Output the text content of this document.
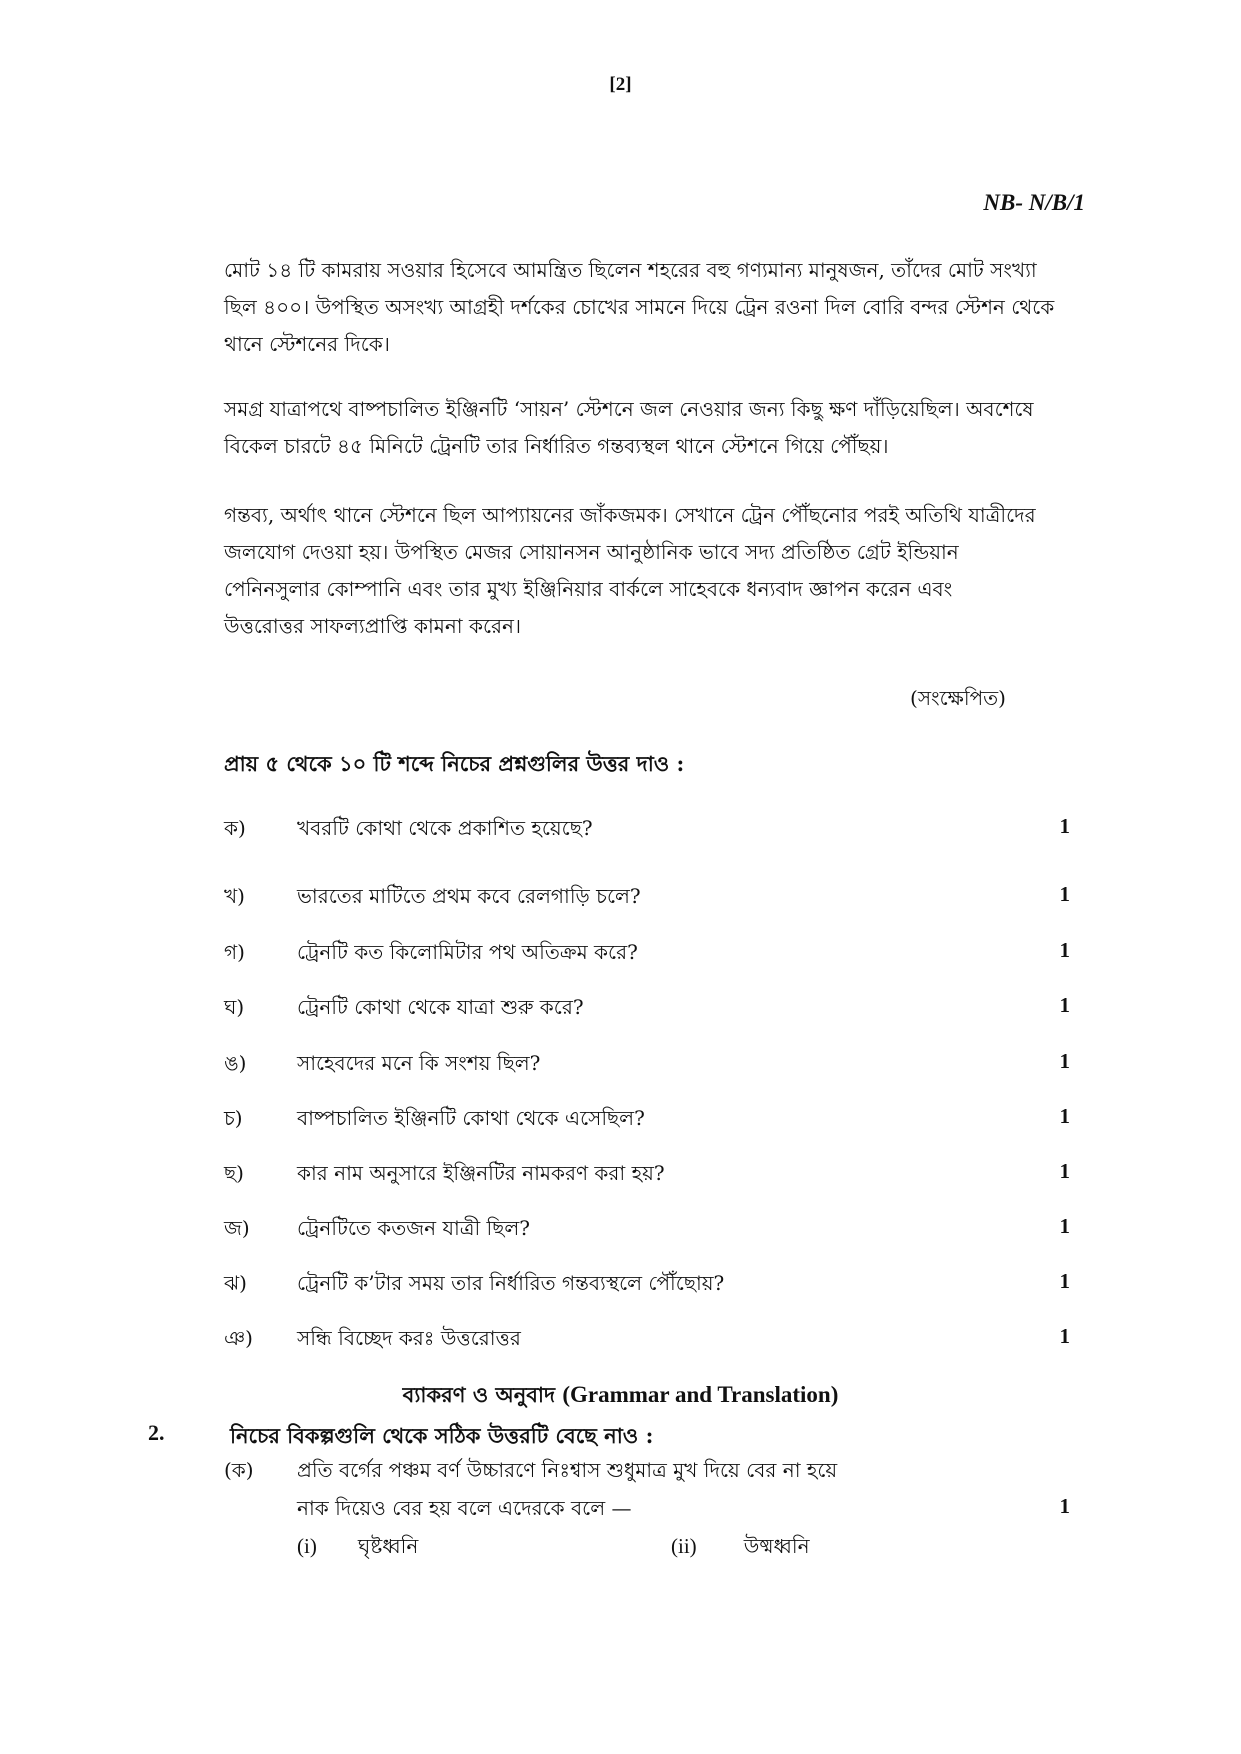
[2]
NB- N/B/1
মোট ১৪ টি কামরায় সওয়ার হিসেবে আমন্ত্রিত ছিলেন শহরের বহু গণ্যমান্য মানুষজন, তাঁদের মোট সংখ্যা
ছিল ৪০০। উপস্থিত অসংখ্য আগ্রহী দর্শকের চোখের সামনে দিয়ে ট্রেন রওনা দিল বোরি বন্দর স্টেশন থেকে
থানে স্টেশনের দিকে।
সমগ্র যাত্রাপথে বাষ্পচালিত ইঞ্জিনটি ‘সায়ন’ স্টেশনে জল নেওয়ার জন্য কিছু ক্ষণ দাঁড়িয়েছিল। অবশেষে
বিকেল চারটে ৪৫ মিনিটে ট্রেনটি তার নির্ধারিত গন্তব্যস্থল থানে স্টেশনে গিয়ে পৌঁছয়।
গন্তব্য, অর্থাৎ থানে স্টেশনে ছিল আপ্যায়নের জাঁকজমক। সেখানে ট্রেন পৌঁছনোর পরই অতিথি যাত্রীদের
জলযোগ দেওয়া হয়। উপস্থিত মেজর সোয়ানসন আনুষ্ঠানিক ভাবে সদ্য প্রতিষ্ঠিত গ্রেট ইন্ডিয়ান
পেনিনসুলার কোম্পানি এবং তার মুখ্য ইঞ্জিনিয়ার বার্কলে সাহেবকে ধন্যবাদ জ্ঞাপন করেন এবং
উত্তরোত্তর সাফল্যপ্রাপ্তি কামনা করেন।
(সংক্ষেপিত)
প্রায় ৫ থেকে ১০ টি শব্দে নিচের প্রশ্নগুলির উত্তর দাও :
ক)	খবরটি কোথা থেকে প্রকাশিত হয়েছে?	1
খ)	ভারতের মাটিতে প্রথম কবে রেলগাড়ি চলে?	1
গ)	ট্রেনটি কত কিলোমিটার পথ অতিক্রম করে?	1
ঘ)	ট্রেনটি কোথা থেকে যাত্রা শুরু করে?	1
ঙ)	সাহেবদের মনে কি সংশয় ছিল?	1
চ)	বাষ্পচালিত ইঞ্জিনটি কোথা থেকে এসেছিল?	1
ছ)	কার নাম অনুসারে ইঞ্জিনটির নামকরণ করা হয়?	1
জ) ট্রেনটিতে কতজন যাত্রী ছিল?	1
ঝ)	ট্রেনটি ক’টার সময় তার নির্ধারিত গন্তব্যস্থলে পৌঁছোয়?	1
ঞ) সন্ধি বিচ্ছেদ করঃ উত্তরোত্তর	1
ব্যাকরণ ও অনুবাদ (Grammar and Translation)
2.	নিচের বিকল্পগুলি থেকে সঠিক উত্তরটি বেছে নাও :
(ক) প্রতি বর্গের পঞ্চম বর্ণ উচ্চারণে নিঃশ্বাস শুধুমাত্র মুখ দিয়ে বের না হয়ে
নাক দিয়েও বের হয় বলে এদেরকে বলে —	1
(i) ঘৃষ্টধ্বনি	(ii) উষ্মধ্বনি
